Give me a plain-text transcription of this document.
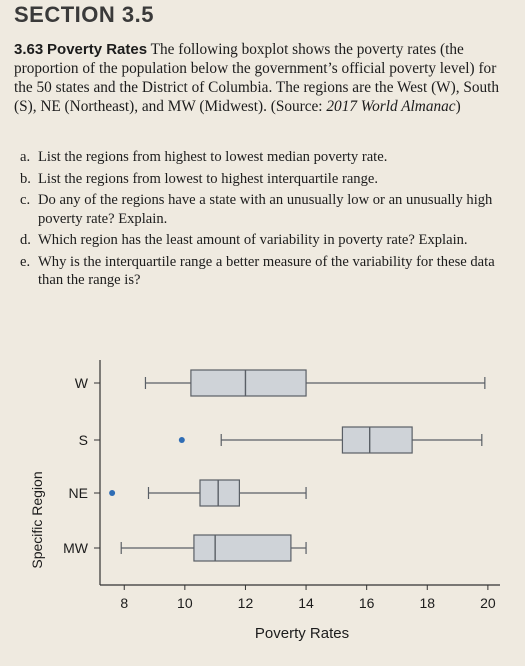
SECTION 3.5
3.63 Poverty Rates The following boxplot shows the poverty rates (the proportion of the population below the government’s official poverty level) for the 50 states and the District of Columbia. The regions are the West (W), South (S), NE (Northeast), and MW (Midwest). (Source: 2017 World Almanac)
a. List the regions from highest to lowest median poverty rate.
b. List the regions from lowest to highest interquartile range.
c. Do any of the regions have a state with an unusually low or an unusually high poverty rate? Explain.
d. Which region has the least amount of variability in poverty rate? Explain.
e. Why is the interquartile range a better measure of the variability for these data than the range is?
Specific Region
Poverty Rates
8	10	12	14	16	18	20
W
S
NE
MW
